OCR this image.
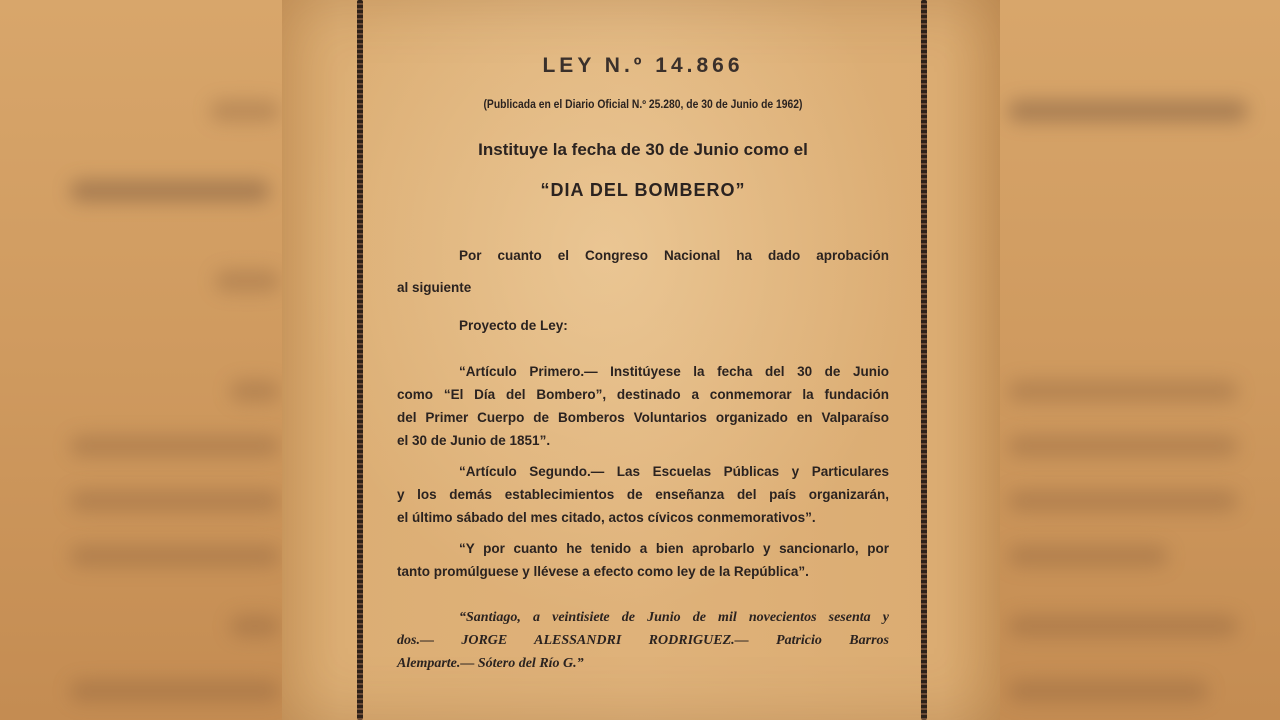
LEY N.º 14.866
(Publicada en el Diario Oficial N.º 25.280, de 30 de Junio de 1962)
Instituye la fecha de 30 de Junio como el
“DIA DEL BOMBERO”
Por cuanto el Congreso Nacional ha dado aprobación
al siguiente
Proyecto de Ley:
“Artículo Primero.— Institúyese la fecha del 30 de Junio
como “El Día del Bombero”, destinado a conmemorar la fundación
del Primer Cuerpo de Bomberos Voluntarios organizado en Valparaíso
el 30 de Junio de 1851”.
“Artículo Segundo.— Las Escuelas Públicas y Particulares
y los demás establecimientos de enseñanza del país organizarán,
el último sábado del mes citado, actos cívicos conmemorativos”.
“Y por cuanto he tenido a bien aprobarlo y sancionarlo, por
tanto promúlguese y llévese a efecto como ley de la República”.
“Santiago, a veintisiete de Junio de mil novecientos sesenta y
dos.— JORGE ALESSANDRI RODRIGUEZ.— Patricio Barros
Alemparte.— Sótero del Río G.”
